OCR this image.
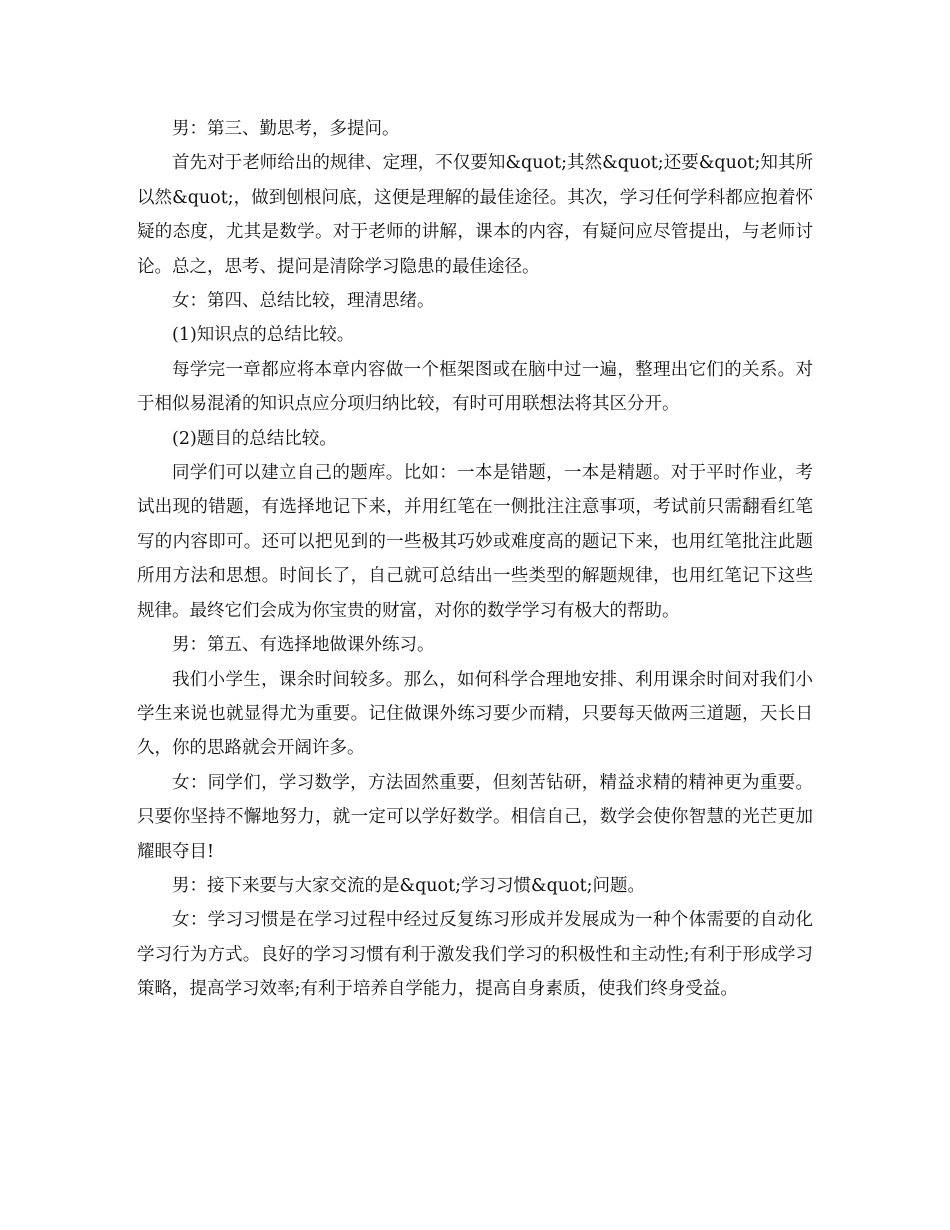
男：第三、勤思考，多提问。

首先对于老师给出的规律、定理，不仅要知&quot;其然&quot;还要&quot;知其所以然&quot;，做到刨根问底，这便是理解的最佳途径。其次，学习任何学科都应抱着怀疑的态度，尤其是数学。对于老师的讲解，课本的内容，有疑问应尽管提出，与老师讨论。总之，思考、提问是清除学习隐患的最佳途径。

女：第四、总结比较，理清思绪。

(1)知识点的总结比较。

每学完一章都应将本章内容做一个框架图或在脑中过一遍，整理出它们的关系。对于相似易混淆的知识点应分项归纳比较，有时可用联想法将其区分开。

(2)题目的总结比较。

同学们可以建立自己的题库。比如：一本是错题，一本是精题。对于平时作业，考试出现的错题，有选择地记下来，并用红笔在一侧批注注意事项，考试前只需翻看红笔写的内容即可。还可以把见到的一些极其巧妙或难度高的题记下来，也用红笔批注此题所用方法和思想。时间长了，自己就可总结出一些类型的解题规律，也用红笔记下这些规律。最终它们会成为你宝贵的财富，对你的数学学习有极大的帮助。

男：第五、有选择地做课外练习。

我们小学生，课余时间较多。那么，如何科学合理地安排、利用课余时间对我们小学生来说也就显得尤为重要。记住做课外练习要少而精，只要每天做两三道题，天长日久，你的思路就会开阔许多。

女：同学们，学习数学，方法固然重要，但刻苦钻研，精益求精的精神更为重要。只要你坚持不懈地努力，就一定可以学好数学。相信自己，数学会使你智慧的光芒更加耀眼夺目!

男：接下来要与大家交流的是&quot;学习习惯&quot;问题。

女：学习习惯是在学习过程中经过反复练习形成并发展成为一种个体需要的自动化学习行为方式。良好的学习习惯有利于激发我们学习的积极性和主动性;有利于形成学习策略，提高学习效率;有利于培养自学能力，提高自身素质，使我们终身受益。
